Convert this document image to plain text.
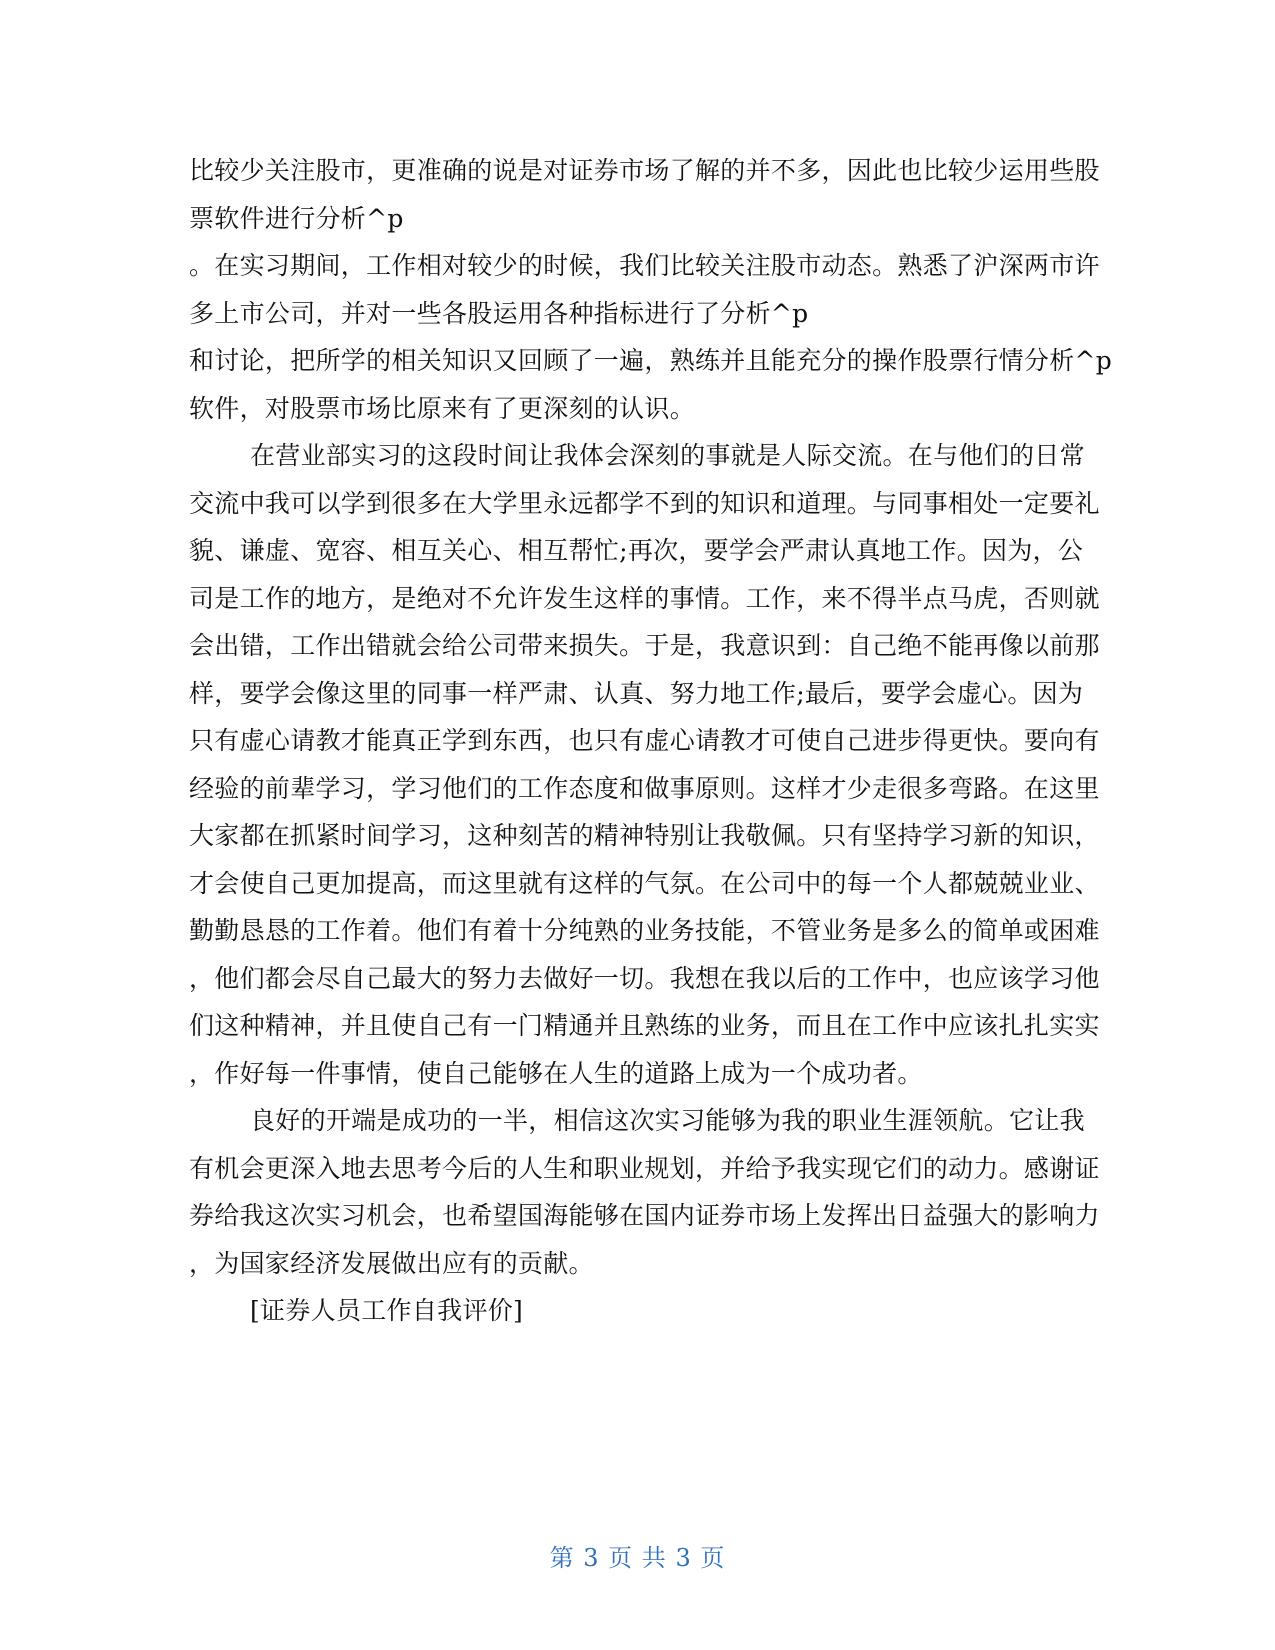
比较少关注股市，更准确的说是对证券市场了解的并不多，因此也比较少运用些股
票软件进行分析^p
。在实习期间，工作相对较少的时候，我们比较关注股市动态。熟悉了沪深两市许
多上市公司，并对一些各股运用各种指标进行了分析^p
和讨论，把所学的相关知识又回顾了一遍，熟练并且能充分的操作股票行情分析^p
软件，对股票市场比原来有了更深刻的认识。
在营业部实习的这段时间让我体会深刻的事就是人际交流。在与他们的日常
交流中我可以学到很多在大学里永远都学不到的知识和道理。与同事相处一定要礼
貌、谦虚、宽容、相互关心、相互帮忙;再次，要学会严肃认真地工作。因为，公
司是工作的地方，是绝对不允许发生这样的事情。工作，来不得半点马虎，否则就
会出错，工作出错就会给公司带来损失。于是，我意识到：自己绝不能再像以前那
样，要学会像这里的同事一样严肃、认真、努力地工作;最后，要学会虚心。因为
只有虚心请教才能真正学到东西，也只有虚心请教才可使自己进步得更快。要向有
经验的前辈学习，学习他们的工作态度和做事原则。这样才少走很多弯路。在这里
大家都在抓紧时间学习，这种刻苦的精神特别让我敬佩。只有坚持学习新的知识，
才会使自己更加提高，而这里就有这样的气氛。在公司中的每一个人都兢兢业业、
勤勤恳恳的工作着。他们有着十分纯熟的业务技能，不管业务是多么的简单或困难
，他们都会尽自己最大的努力去做好一切。我想在我以后的工作中，也应该学习他
们这种精神，并且使自己有一门精通并且熟练的业务，而且在工作中应该扎扎实实
，作好每一件事情，使自己能够在人生的道路上成为一个成功者。
良好的开端是成功的一半，相信这次实习能够为我的职业生涯领航。它让我
有机会更深入地去思考今后的人生和职业规划，并给予我实现它们的动力。感谢证
券给我这次实习机会，也希望国海能够在国内证券市场上发挥出日益强大的影响力
，为国家经济发展做出应有的贡献。
[证券人员工作自我评价]
第 3 页 共 3 页
